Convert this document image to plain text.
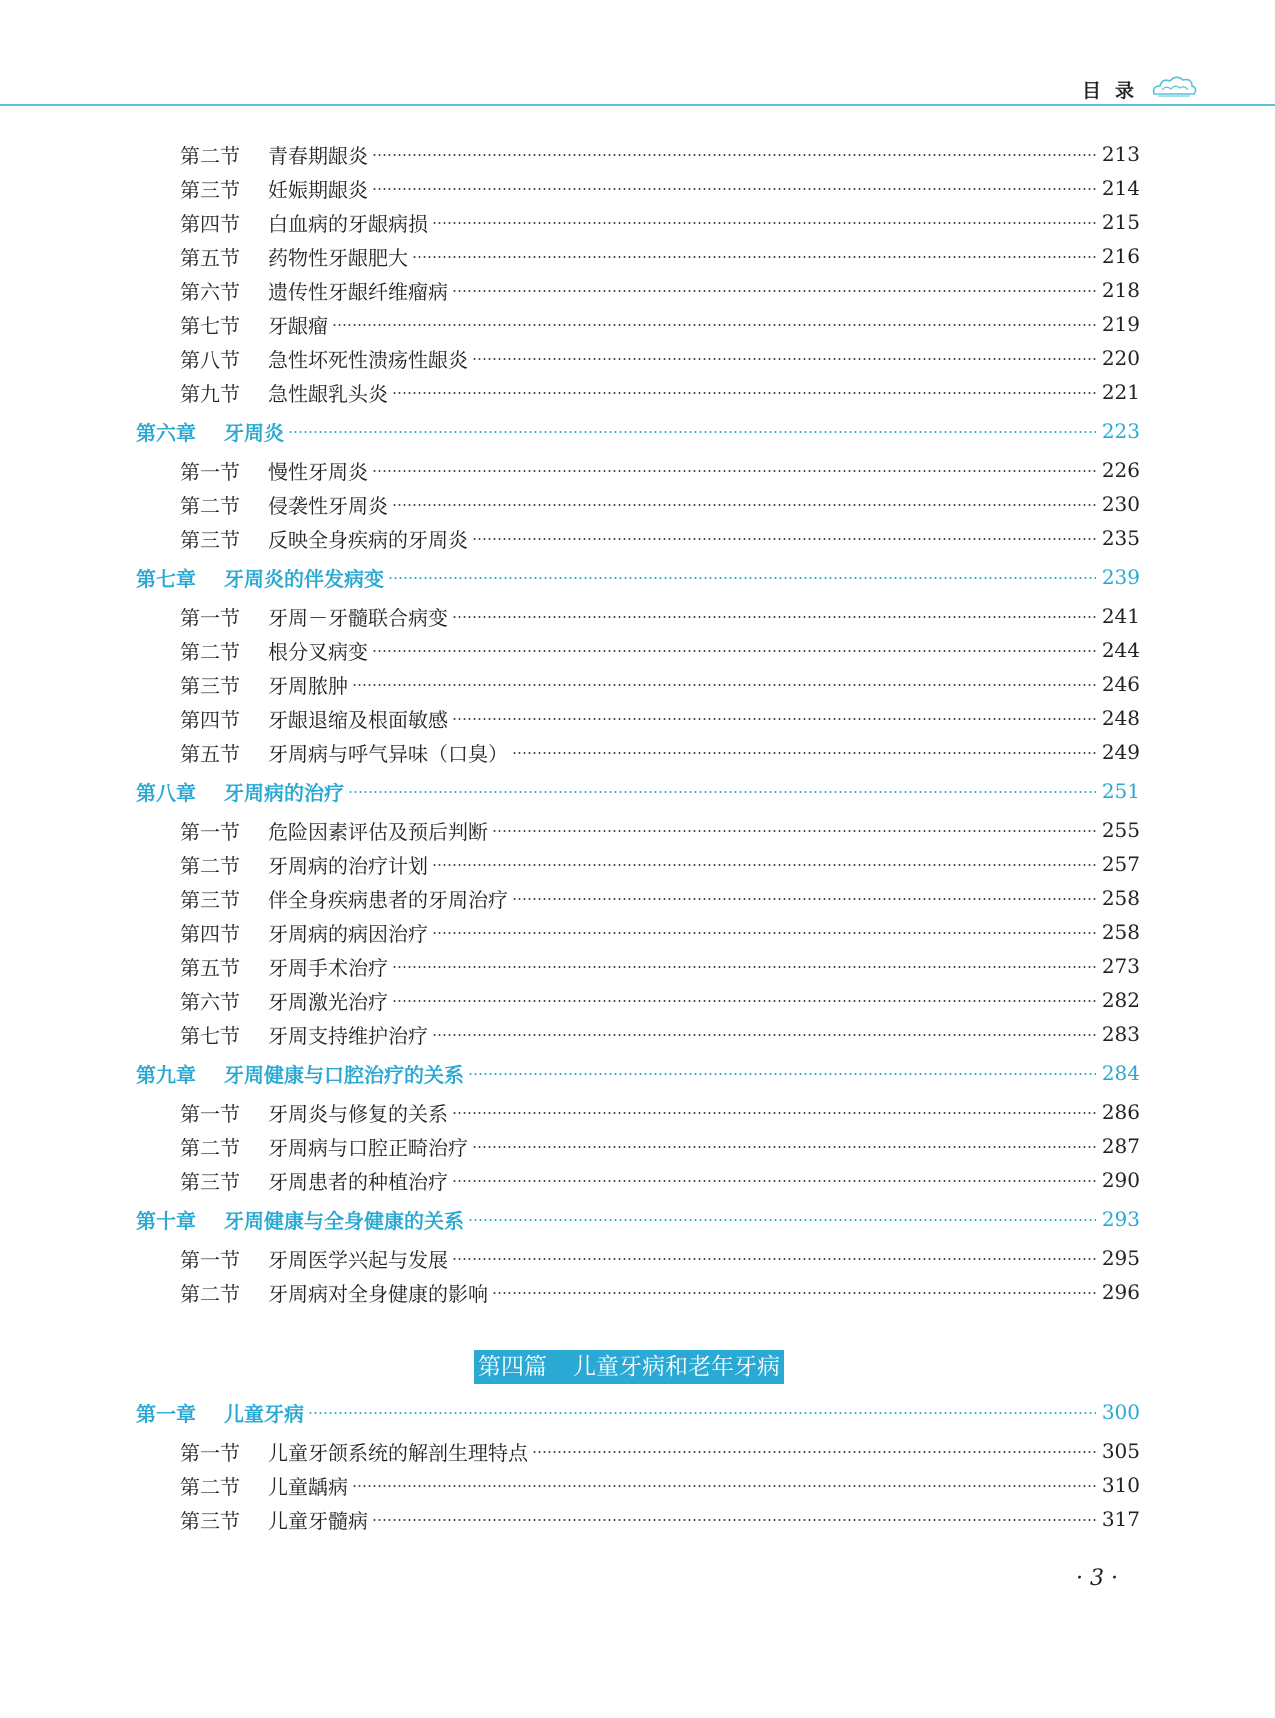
目录
第二节 青春期龈炎	213
第三节 妊娠期龈炎	214
第四节 白血病的牙龈病损	215
第五节 药物性牙龈肥大	216
第六节 遗传性牙龈纤维瘤病	218
第七节 牙龈瘤	219
第八节 急性坏死性溃疡性龈炎	220
第九节 急性龈乳头炎	221
第六章 牙周炎	223
第一节 慢性牙周炎	226
第二节 侵袭性牙周炎	230
第三节 反映全身疾病的牙周炎	235
第七章 牙周炎的伴发病变	239
第一节 牙周－牙髓联合病变	241
第二节 根分叉病变	244
第三节 牙周脓肿	246
第四节 牙龈退缩及根面敏感	248
第五节 牙周病与呼气异味（口臭）	249
第八章 牙周病的治疗	251
第一节 危险因素评估及预后判断	255
第二节 牙周病的治疗计划	257
第三节 伴全身疾病患者的牙周治疗	258
第四节 牙周病的病因治疗	258
第五节 牙周手术治疗	273
第六节 牙周激光治疗	282
第七节 牙周支持维护治疗	283
第九章 牙周健康与口腔治疗的关系	284
第一节 牙周炎与修复的关系	286
第二节 牙周病与口腔正畸治疗	287
第三节 牙周患者的种植治疗	290
第十章 牙周健康与全身健康的关系	293
第一节 牙周医学兴起与发展	295
第二节 牙周病对全身健康的影响	296
第一章 儿童牙病	300
第一节 儿童牙颌系统的解剖生理特点	305
第二节 儿童龋病	310
第三节 儿童牙髓病	317
第四篇 儿童牙病和老年牙病
· 3 ·
